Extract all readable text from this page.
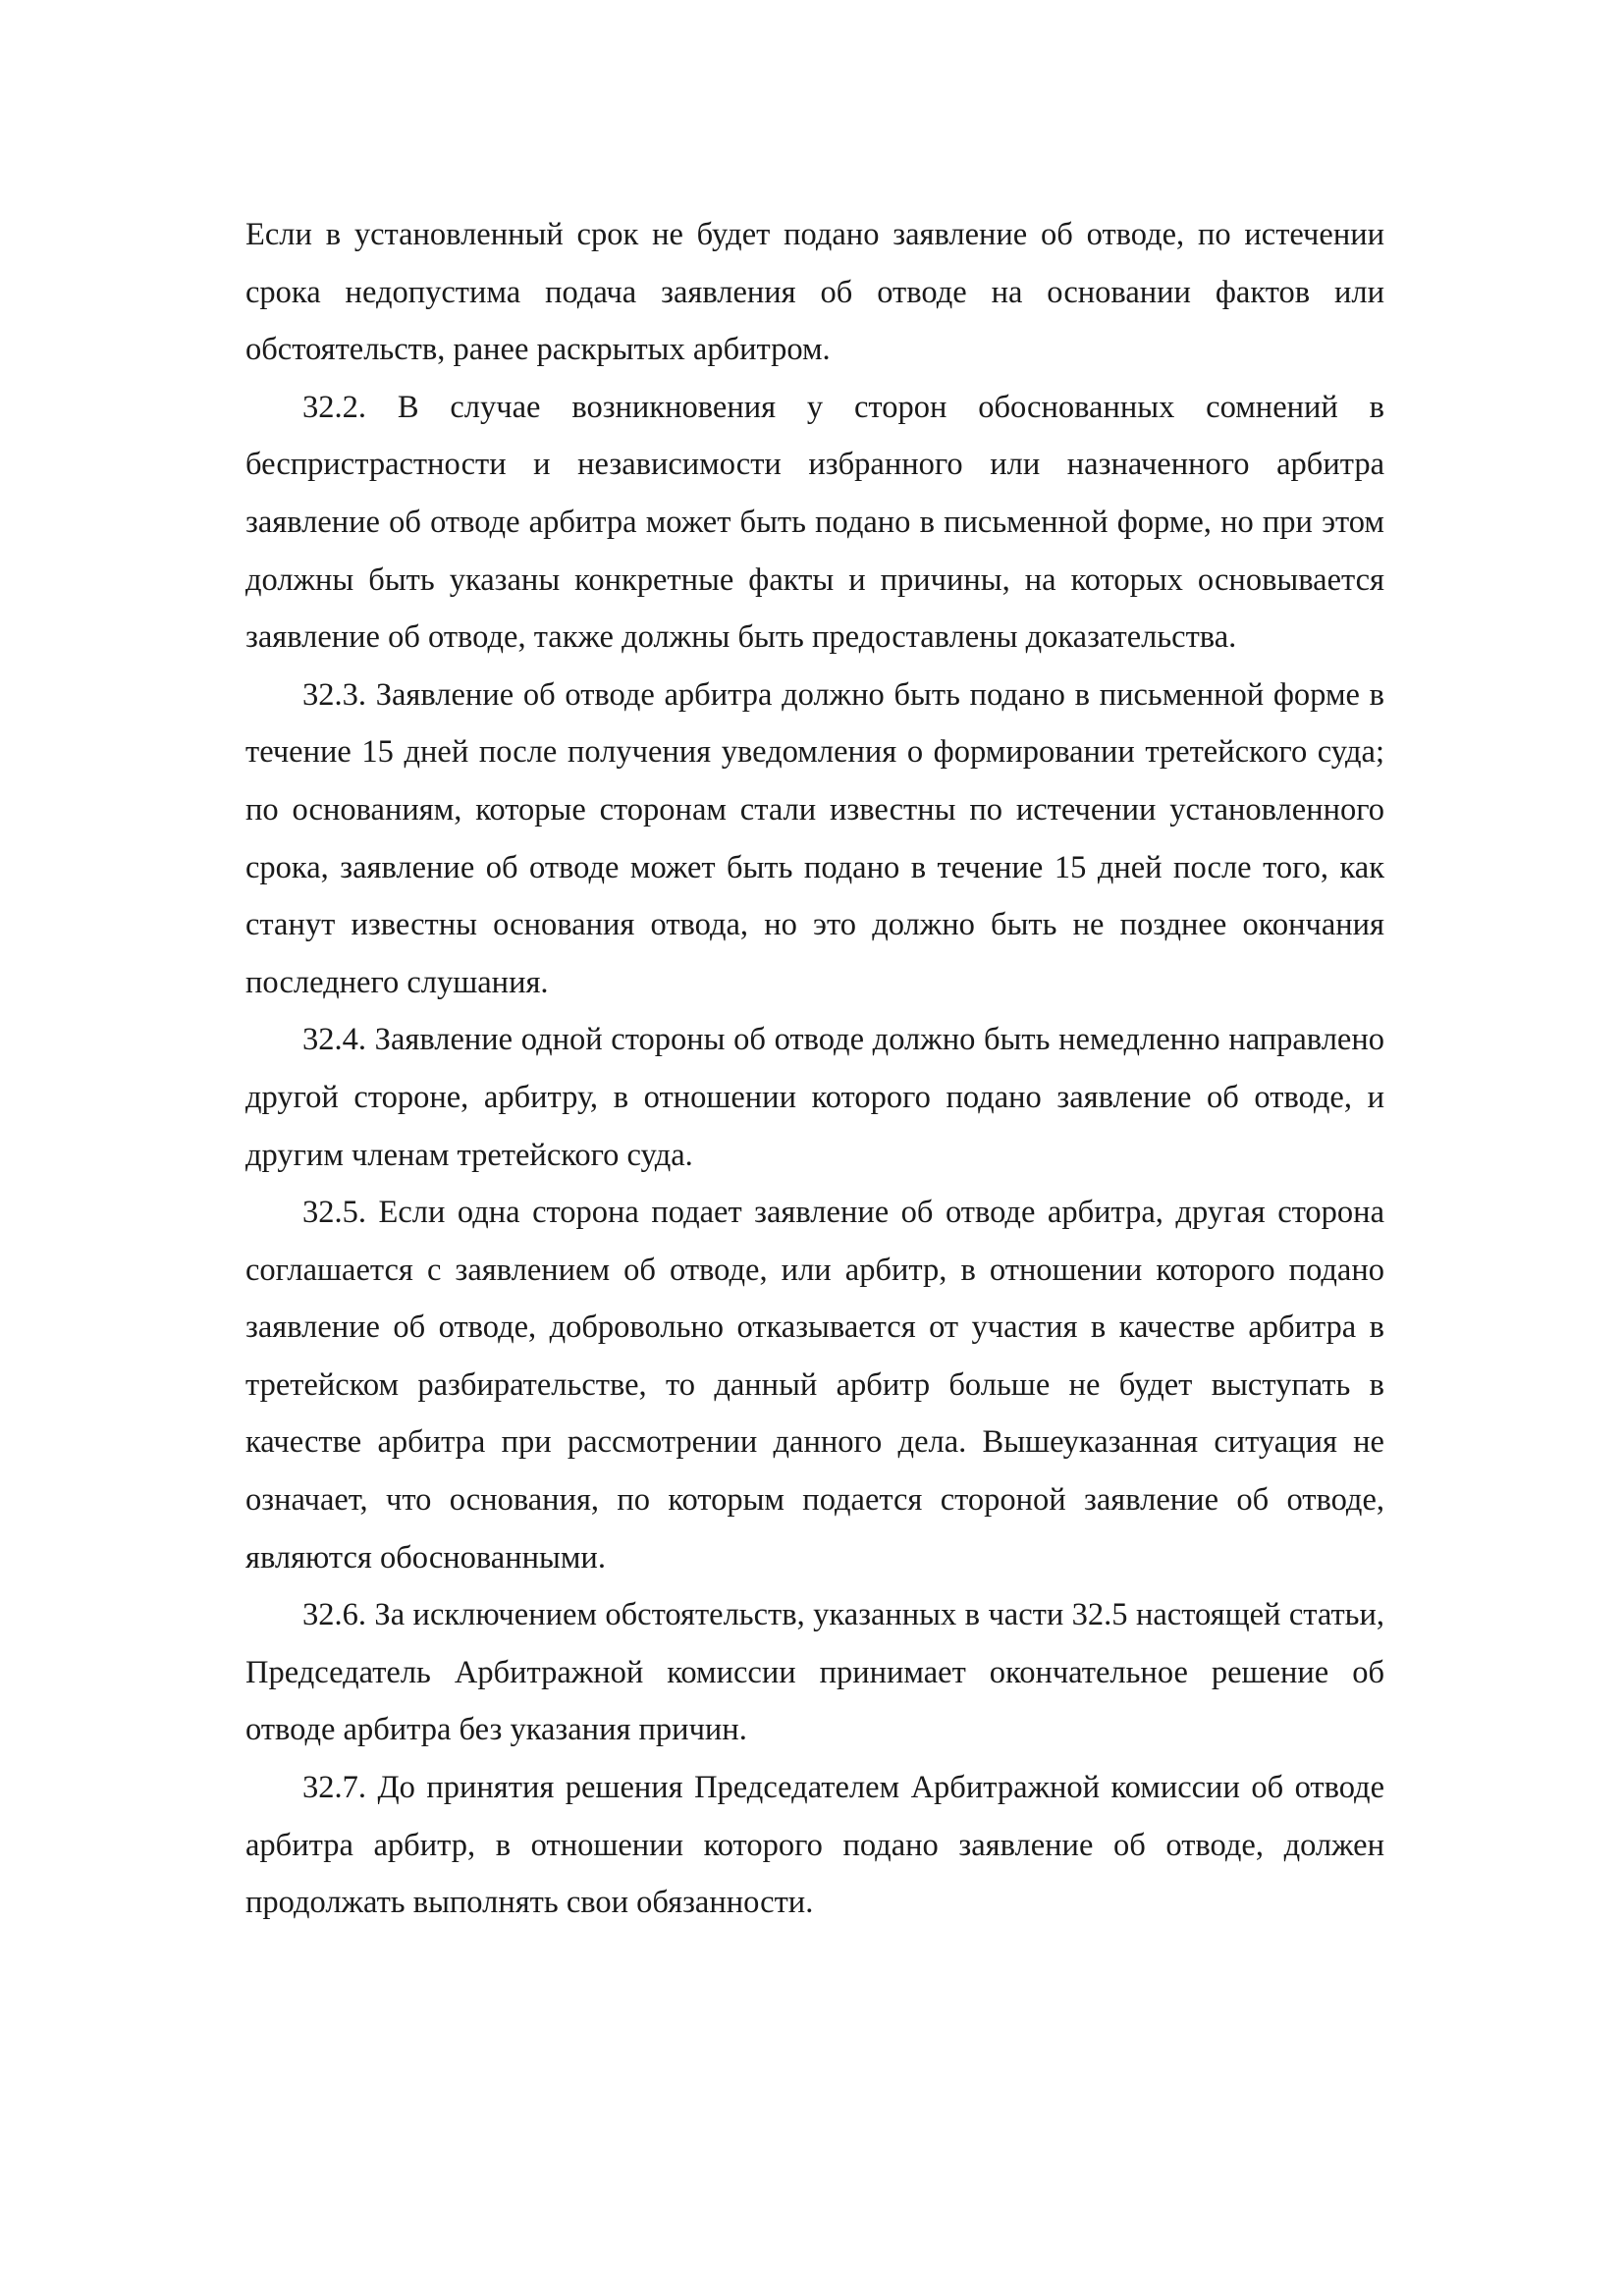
Если в установленный срок не будет подано заявление об отводе, по истечении срока недопустима подача заявления об отводе на основании фактов или обстоятельств, ранее раскрытых арбитром.

32.2. В случае возникновения у сторон обоснованных сомнений в беспристрастности и независимости избранного или назначенного арбитра заявление об отводе арбитра может быть подано в письменной форме, но при этом должны быть указаны конкретные факты и причины, на которых основывается заявление об отводе, также должны быть предоставлены доказательства.

32.3. Заявление об отводе арбитра должно быть подано в письменной форме в течение 15 дней после получения уведомления о формировании третейского суда; по основаниям, которые сторонам стали известны по истечении установленного срока, заявление об отводе может быть подано в течение 15 дней после того, как станут известны основания отвода, но это должно быть не позднее окончания последнего слушания.

32.4. Заявление одной стороны об отводе должно быть немедленно направлено другой стороне, арбитру, в отношении которого подано заявление об отводе, и другим членам третейского суда.

32.5. Если одна сторона подает заявление об отводе арбитра, другая сторона соглашается с заявлением об отводе, или арбитр, в отношении которого подано заявление об отводе, добровольно отказывается от участия в качестве арбитра в третейском разбирательстве, то данный арбитр больше не будет выступать в качестве арбитра при рассмотрении данного дела. Вышеуказанная ситуация не означает, что основания, по которым подается стороной заявление об отводе, являются обоснованными.

32.6. За исключением обстоятельств, указанных в части 32.5 настоящей статьи, Председатель Арбитражной комиссии принимает окончательное решение об отводе арбитра без указания причин.

32.7. До принятия решения Председателем Арбитражной комиссии об отводе арбитра арбитр, в отношении которого подано заявление об отводе, должен продолжать выполнять свои обязанности.
